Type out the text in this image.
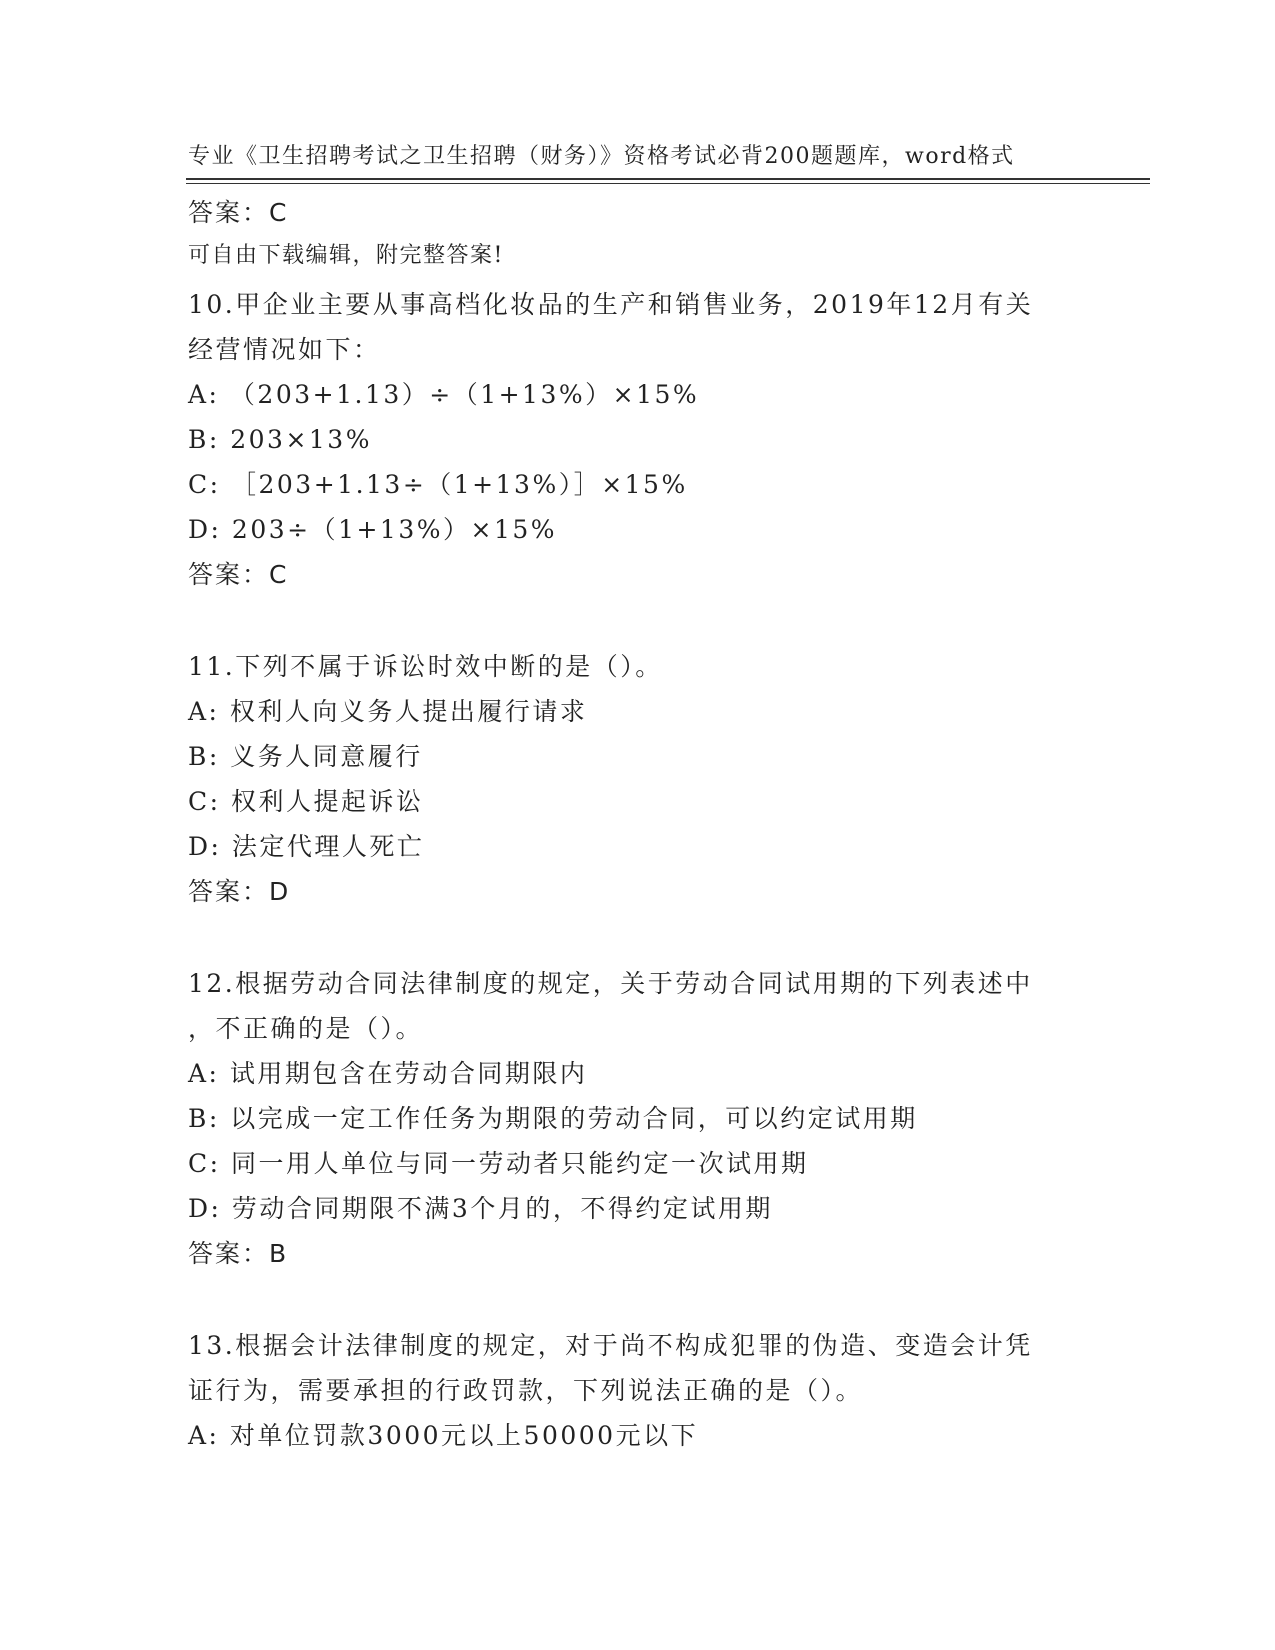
专业《卫生招聘考试之卫生招聘（财务）》资格考试必背200题题库，word格式

可自由下载编辑，附完整答案!

答案：C
10.甲企业主要从事高档化妆品的生产和销售业务，2019年12月有关
经营情况如下：
A: （203+1.13）÷（1+13%）×15%
B: 203×13%
C: ［203+1.13÷（1+13%）］×15%
D: 203÷（1+13%）×15%
答案：C
11.下列不属于诉讼时效中断的是（）。
A: 权利人向义务人提出履行请求
B: 义务人同意履行
C: 权利人提起诉讼
D: 法定代理人死亡
答案：D
12.根据劳动合同法律制度的规定，关于劳动合同试用期的下列表述中
，不正确的是（）。
A: 试用期包含在劳动合同期限内
B: 以完成一定工作任务为期限的劳动合同，可以约定试用期
C: 同一用人单位与同一劳动者只能约定一次试用期
D: 劳动合同期限不满3个月的，不得约定试用期
答案：B
13.根据会计法律制度的规定，对于尚不构成犯罪的伪造、变造会计凭
证行为，需要承担的行政罚款，下列说法正确的是（）。
A: 对单位罚款3000元以上50000元以下
